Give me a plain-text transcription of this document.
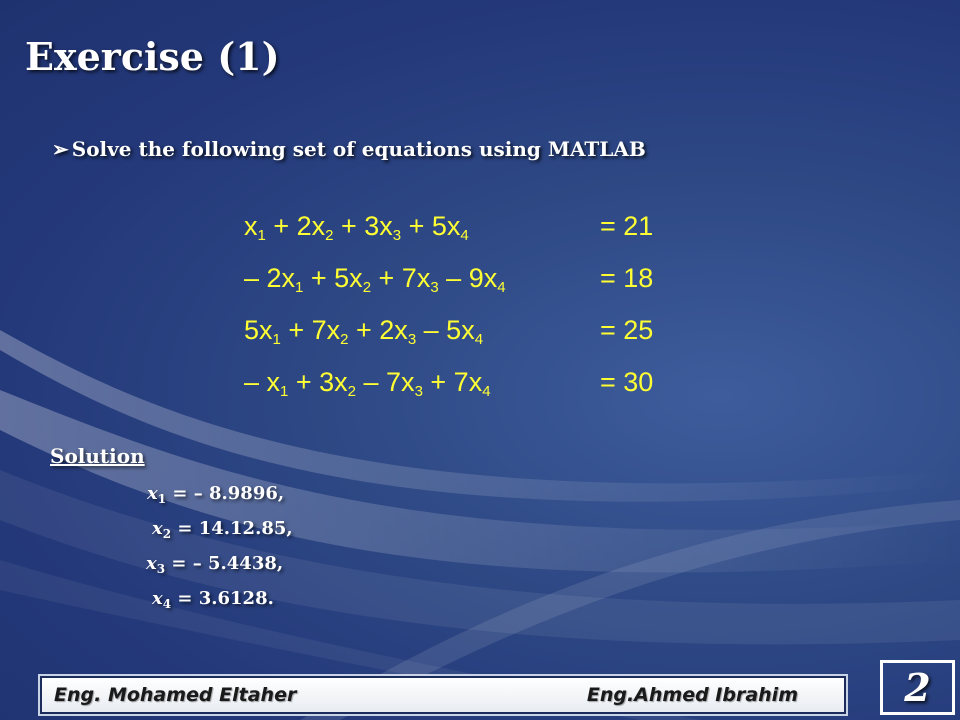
Exercise (1)
➢ Solve the following set of equations using MATLAB
$x_1 + 2x_2 + 3x_3 + 5x_4$	= 21
– $2x_1 + 5x_2 + 7x_3 - 9x_4$	= 18
$5x_1 + 7x_2 + 2x_3 - 5x_4$	= 25
– $x_1 + 3x_2 - 7x_3 + 7x_4$	= 30
Solution
$x_1$ = – 8.9896,
$x_2 = 14.12.85$,
$x_3$ = – 5.4438,
$x_4 = 3.6128$.
Eng. Mohamed Eltaher	Eng.Ahmed Ibrahim	2
